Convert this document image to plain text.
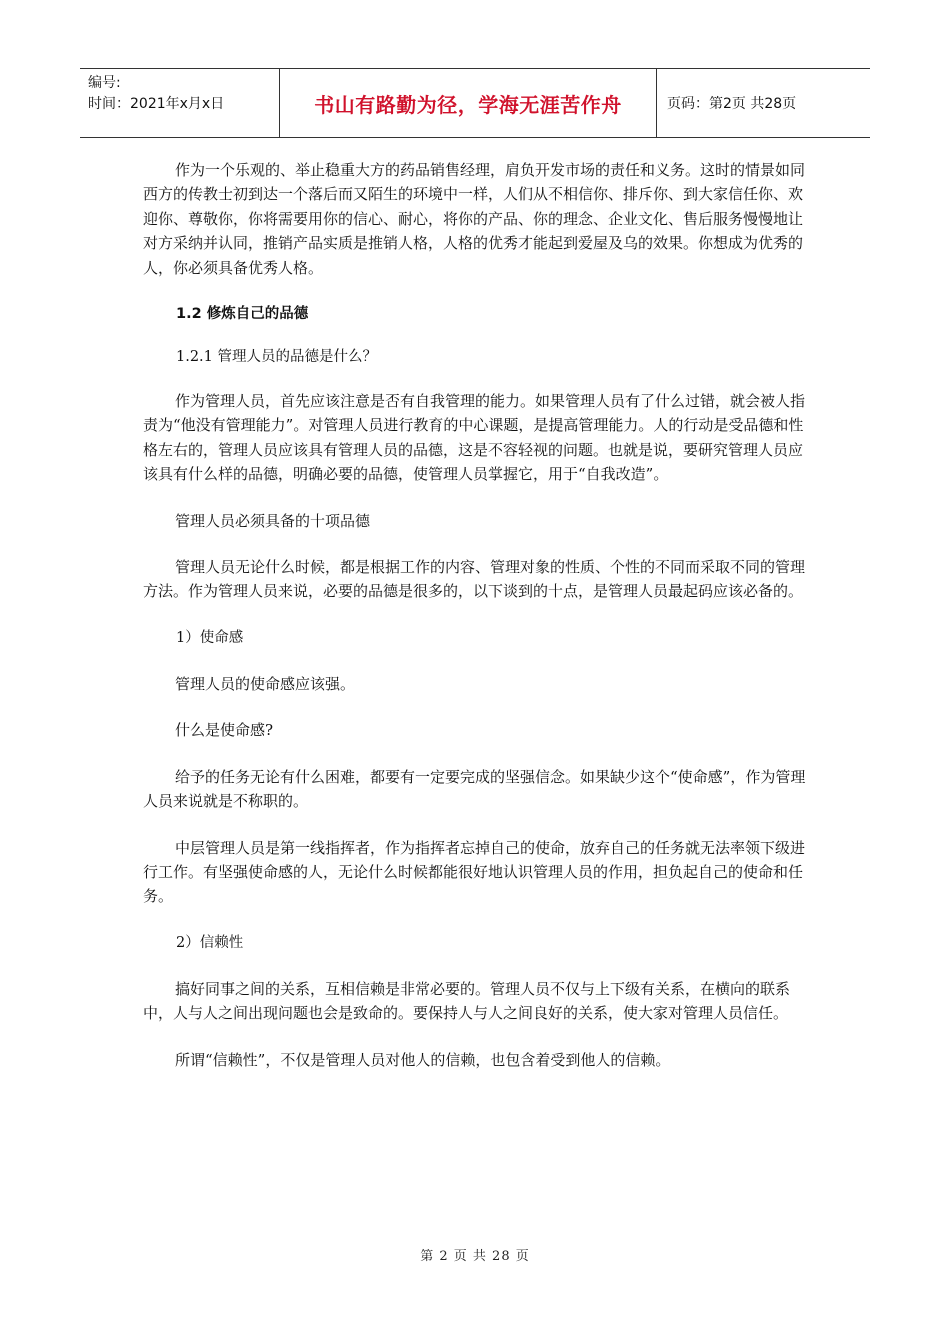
编号:
时间：2021年x月x日	书山有路勤为径，学海无涯苦作舟	页码：第2页 共28页

作为一个乐观的、举止稳重大方的药品销售经理，肩负开发市场的责任和义务。这时的情景如同西方的传教士初到达一个落后而又陌生的环境中一样，人们从不相信你、排斥你、到大家信任你、欢迎你、尊敬你，你将需要用你的信心、耐心，将你的产品、你的理念、企业文化、售后服务慢慢地让对方采纳并认同，推销产品实质是推销人格，人格的优秀才能起到爱屋及乌的效果。你想成为优秀的人，你必须具备优秀人格。

1.2 修炼自己的品德
1.2.1 管理人员的品德是什么？

作为管理人员，首先应该注意是否有自我管理的能力。如果管理人员有了什么过错，就会被人指责为“他没有管理能力”。对管理人员进行教育的中心课题，是提高管理能力。人的行动是受品德和性格左右的，管理人员应该具有管理人员的品德，这是不容轻视的问题。也就是说，要研究管理人员应该具有什么样的品德，明确必要的品德，使管理人员掌握它，用于“自我改造”。

管理人员必须具备的十项品德

管理人员无论什么时候，都是根据工作的内容、管理对象的性质、个性的不同而采取不同的管理方法。作为管理人员来说，必要的品德是很多的，以下谈到的十点，是管理人员最起码应该必备的。

1）使命感

管理人员的使命感应该强。

什么是使命感?

给予的任务无论有什么困难，都要有一定要完成的坚强信念。如果缺少这个“使命感”，作为管理人员来说就是不称职的。

中层管理人员是第一线指挥者，作为指挥者忘掉自己的使命，放弃自己的任务就无法率领下级进行工作。有坚强使命感的人，无论什么时候都能很好地认识管理人员的作用，担负起自己的使命和任务。

2）信赖性

搞好同事之间的关系，互相信赖是非常必要的。管理人员不仅与上下级有关系，在横向的联系中，人与人之间出现问题也会是致命的。要保持人与人之间良好的关系，使大家对管理人员信任。

所谓“信赖性”，不仅是管理人员对他人的信赖，也包含着受到他人的信赖。

第 2 页 共 28 页
